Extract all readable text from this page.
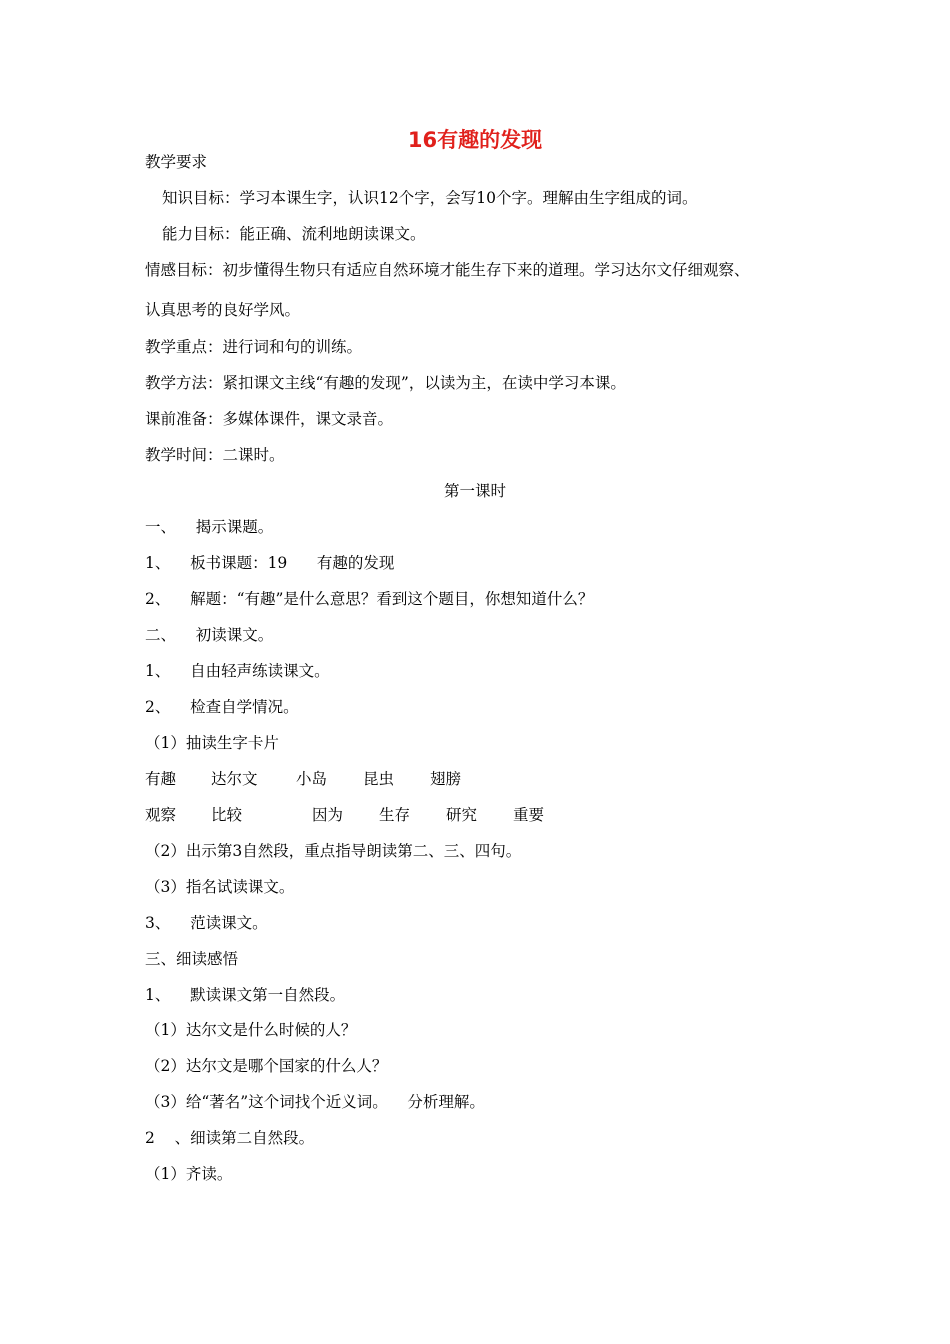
16有趣的发现
教学要求
知识目标：学习本课生字，认识12个字，会写10个字。理解由生字组成的词。
能力目标：能正确、流利地朗读课文。
情感目标：初步懂得生物只有适应自然环境才能生存下来的道理。学习达尔文仔细观察、
认真思考的良好学风。
教学重点：进行词和句的训练。
教学方法：紧扣课文主线“有趣的发现”，以读为主，在读中学习本课。
课前准备：多媒体课件，课文录音。
教学时间：二课时。
第一课时
一、    揭示课题。
1、    板书课题：19      有趣的发现
2、    解题：“有趣”是什么意思？看到这个题目，你想知道什么？
二、    初读课文。
1、    自由轻声练读课文。
2、    检查自学情况。
（1）抽读生字卡片
有趣 达尔文 小岛 昆虫 翅膀
观察 比较	因为 生存 研究 重要
（2）出示第3自然段，重点指导朗读第二、三、四句。
（3）指名试读课文。
3、    范读课文。
三、细读感悟
1、    默读课文第一自然段。
（1）达尔文是什么时候的人？
（2）达尔文是哪个国家的什么人？
（3）给“著名”这个词找个近义词。    分析理解。
2    、细读第二自然段。
（1）齐读。
